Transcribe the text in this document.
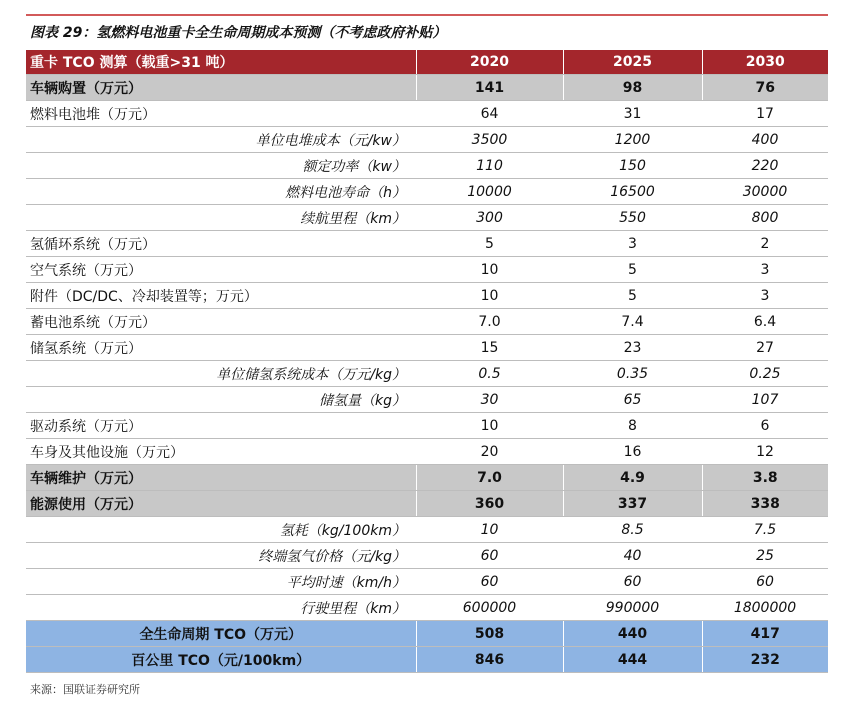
图表 29：氢燃料电池重卡全生命周期成本预测（不考虑政府补贴）
重卡 TCO 测算（载重>31 吨）	2020	2025	2030
车辆购置（万元）	141	98	76
燃料电池堆（万元）	64	31	17
单位电堆成本（元/kw）	3500	1200	400
额定功率（kw）	110	150	220
燃料电池寿命（h）	10000	16500	30000
续航里程（km）	300	550	800
氢循环系统（万元）	5	3	2
空气系统（万元）	10	5	3
附件（DC/DC、冷却装置等；万元）	10	5	3
蓄电池系统（万元）	7.0	7.4	6.4
储氢系统（万元）	15	23	27
单位储氢系统成本（万元/kg）	0.5	0.35	0.25
储氢量（kg）	30	65	107
驱动系统（万元）	10	8	6
车身及其他设施（万元）	20	16	12
车辆维护（万元）	7.0	4.9	3.8
能源使用（万元）	360	337	338
氢耗（kg/100km）	10	8.5	7.5
终端氢气价格（元/kg）	60	40	25
平均时速（km/h）	60	60	60
行驶里程（km）	600000	990000	1800000
全生命周期 TCO（万元）	508	440	417
百公里 TCO（元/100km）	846	444	232
来源：国联证券研究所
